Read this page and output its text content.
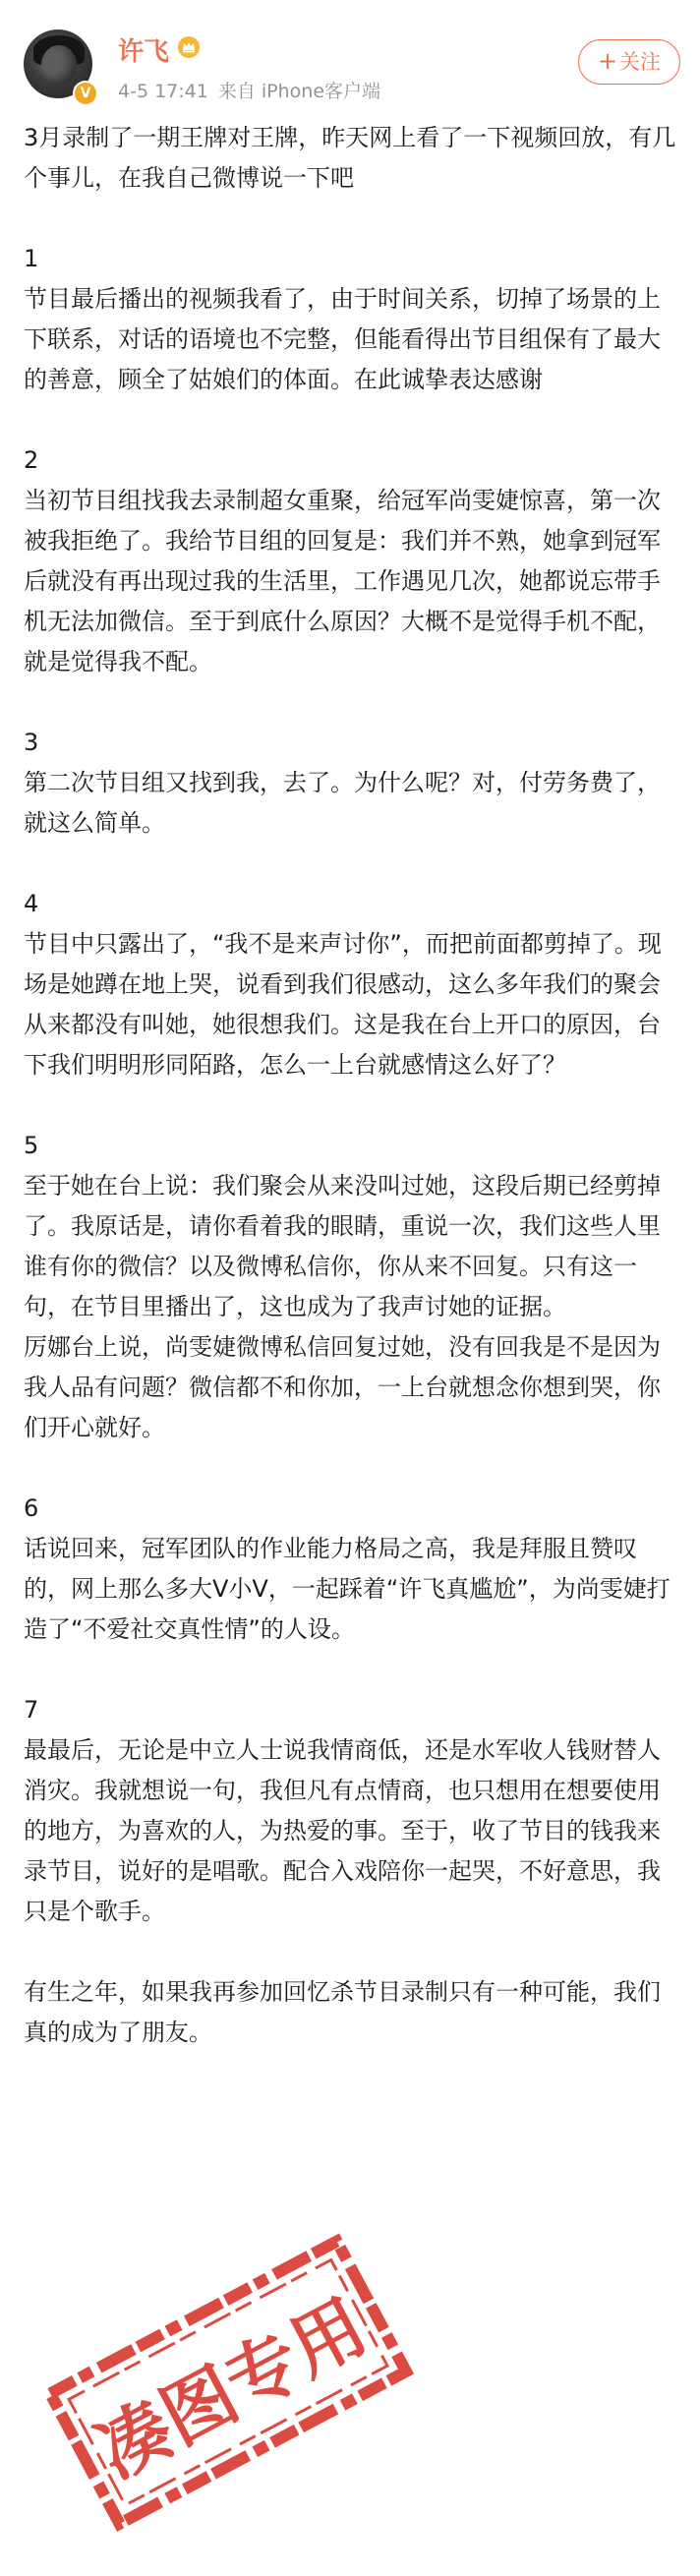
V
许飞
4-5 17:41 来自 iPhone客户端
+关注

3月录制了一期王牌对王牌，昨天网上看了一下视频回放，有几个事儿，在我自己微博说一下吧

1
节目最后播出的视频我看了，由于时间关系，切掉了场景的上下联系，对话的语境也不完整，但能看得出节目组保有了最大的善意，顾全了姑娘们的体面。在此诚挚表达感谢

2
当初节目组找我去录制超女重聚，给冠军尚雯婕惊喜，第一次被我拒绝了。我给节目组的回复是：我们并不熟，她拿到冠军后就没有再出现过我的生活里，工作遇见几次，她都说忘带手机无法加微信。至于到底什么原因？大概不是觉得手机不配，就是觉得我不配。

3
第二次节目组又找到我，去了。为什么呢？对，付劳务费了，就这么简单。

4
节目中只露出了，“我不是来声讨你”，而把前面都剪掉了。现场是她蹲在地上哭，说看到我们很感动，这么多年我们的聚会从来都没有叫她，她很想我们。这是我在台上开口的原因，台下我们明明形同陌路，怎么一上台就感情这么好了？

5
至于她在台上说：我们聚会从来没叫过她，这段后期已经剪掉了。我原话是，请你看着我的眼睛，重说一次，我们这些人里谁有你的微信？以及微博私信你，你从来不回复。只有这一句，在节目里播出了，这也成为了我声讨她的证据。
厉娜台上说，尚雯婕微博私信回复过她，没有回我是不是因为我人品有问题？微信都不和你加，一上台就想念你想到哭，你们开心就好。

6
话说回来，冠军团队的作业能力格局之高，我是拜服且赞叹的，网上那么多大V小V，一起踩着“许飞真尴尬”，为尚雯婕打造了“不爱社交真性情”的人设。

7
最最后，无论是中立人士说我情商低，还是水军收人钱财替人消灾。我就想说一句，我但凡有点情商，也只想用在想要使用的地方，为喜欢的人，为热爱的事。至于，收了节目的钱我来录节目，说好的是唱歌。配合入戏陪你一起哭，不好意思，我只是个歌手。

有生之年，如果我再参加回忆杀节目录制只有一种可能，我们真的成为了朋友。

凑图专用
